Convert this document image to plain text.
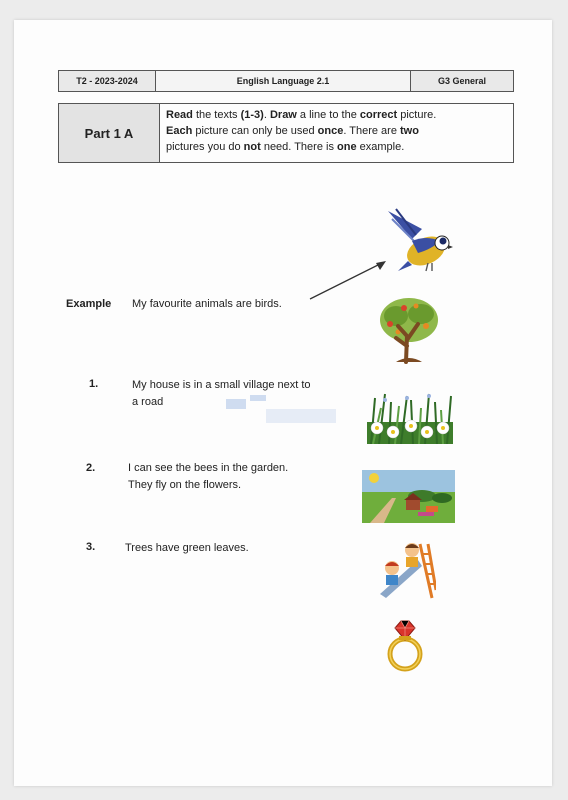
T2 - 2023-2024	English Language 2.1	G3 General
Part 1 A
Read the texts (1-3). Draw a line to the correct picture.
Each picture can only be used once. There are two
pictures you do not need. There is one example.
Example My favourite animals are birds.
1.	My house is in a small village next to
a road
2.	I can see the bees in the garden.
They fly on the flowers.
3.	Trees have green leaves.
